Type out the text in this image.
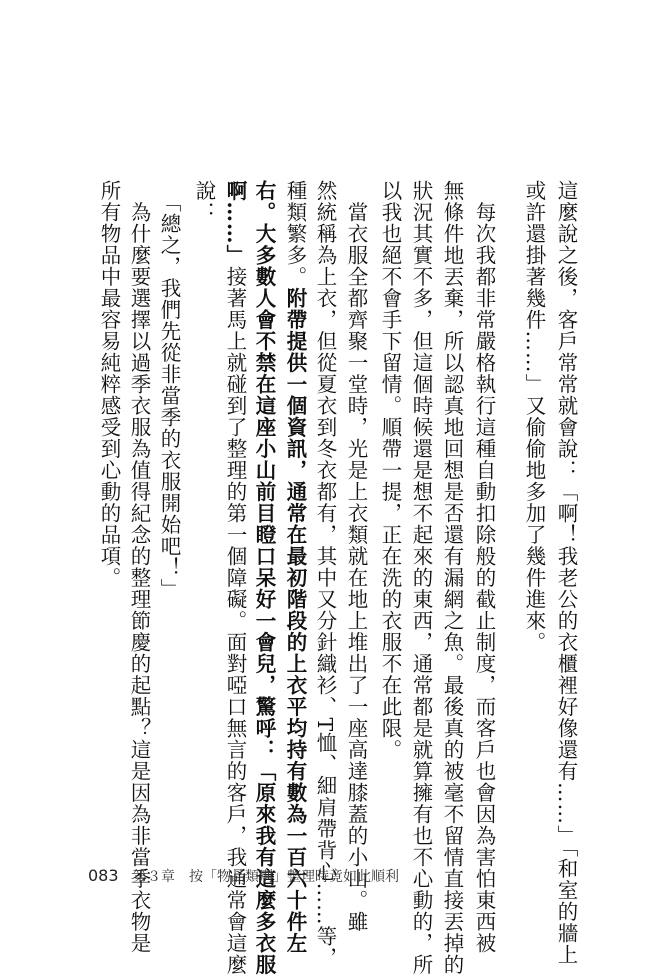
這麼說之後，客戶常常就會說：「啊！我老公的衣櫃裡好像還有……」「和室的牆上
或許還掛著幾件……」又偷偷地多加了幾件進來。
　每次我都非常嚴格執行這種自動扣除般的截止制度，而客戶也會因為害怕東西被
無條件地丟棄，所以認真地回想是否還有漏網之魚。最後真的被毫不留情直接丟掉的
狀況其實不多，但這個時候還是想不起來的東西，通常都是就算擁有也不心動的，所
以我也絕不會手下留情。順帶一提，正在洗的衣服不在此限。
　當衣服全都齊聚一堂時，光是上衣類就在地上堆出了一座高達膝蓋的小山。雖
然統稱為上衣，但從夏衣到冬衣都有，其中又分針織衫、T恤、細肩帶背心……等，
種類繁多。附帶提供一個資訊，通常在最初階段的上衣平均持有數為一百六十件左
右。大多數人會不禁在這座小山前目瞪口呆好一會兒，驚呼：「原來我有這麼多衣服
啊……」接著馬上就碰到了整理的第一個障礙。面對啞口無言的客戶，我通常會這麼
說：
　「總之，我們先從非當季的衣服開始吧！」
　為什麼要選擇以過季衣服為值得紀念的整理節慶的起點？這是因為非當季衣物是
所有物品中最容易純粹感受到心動的品項。
083 第３章　按「物品類別」整理時竟如此順利
